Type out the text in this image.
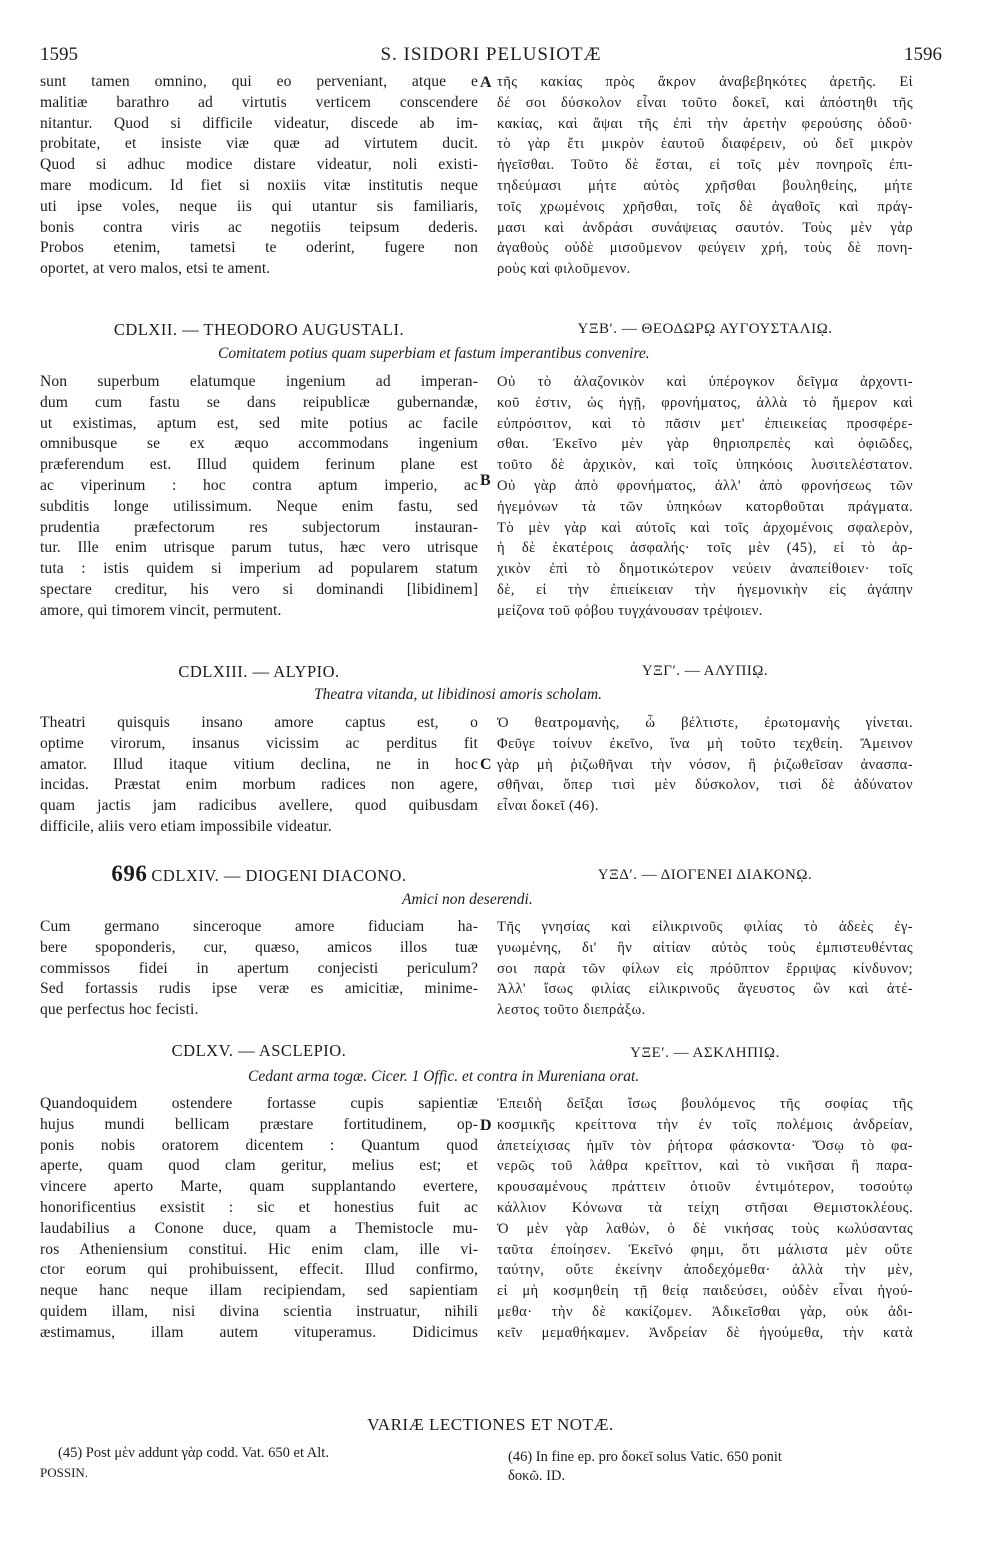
1595	S. ISIDORI PELUSIOTÆ	1596
sunt tamen omnino, qui eo perveniant, atque e
malitiæ barathro ad virtutis verticem conscendere
nitantur. Quod si difficile videatur, discede ab im-
probitate, et insiste viæ quæ ad virtutem ducit.
Quod si adhuc modice distare videatur, noli existi-
mare modicum. Id fiet si noxiis vitæ institutis neque
uti ipse voles, neque iis qui utantur sis familiaris,
bonis contra viris ac negotiis teipsum dederis.
Probos etenim, tametsi te oderint, fugere non
oportet, at vero malos, etsi te ament.
A τῆς κακίας πρὸς ἄκρον ἀναβεβηκότες ἀρετῆς. Εἰ
δέ σοι δύσκολον εἶναι τοῦτο δοκεῖ, καὶ ἀπόστηθι τῆς
κακίας, καὶ ἅψαι τῆς ἐπὶ τὴν ἀρετὴν φερούσης ὁδοῦ·
τὸ γὰρ ἔτι μικρὸν ἑαυτοῦ διαφέρειν, οὐ δεῖ μικρὸν
ἡγεῖσθαι. Τοῦτο δὲ ἔσται, εἰ τοῖς μὲν πονηροῖς ἐπι-
τηδεύμασι μήτε αὐτὸς χρῆσθαι βουληθείης, μήτε
τοῖς χρωμένοις χρῆσθαι, τοῖς δὲ ἀγαθοῖς καὶ πράγ-
μασι καὶ ἀνδράσι συνάψειας σαυτόν. Τοὺς μὲν γὰρ
ἀγαθοὺς οὐδὲ μισοῦμενον φεύγειν χρή, τοὺς δὲ πονη-
ροὺς καὶ φιλοῦμενον.
CDLXII. — THEODORO AUGUSTALI.	ΥΞΒʹ. — ΘΕΟΔΩΡῼ ΑΥΓΟΥΣΤΑΛΙῼ.
Comitatem potius quam superbiam et fastum imperantibus convenire.
Non superbum elatumque ingenium ad imperan-
dum cum fastu se dans reipublicæ gubernandæ,
ut existimas, aptum est, sed mite potius ac facile
omnibusque se ex æquo accommodans ingenium
præferendum est. Illud quidem ferinum plane est
ac viperinum : hoc contra aptum imperio, ac
subditis longe utilissimum. Neque enim fastu, sed
prudentia præfectorum res subjectorum instauran-
tur. Ille enim utrisque parum tutus, hæc vero utrisque
tuta : istis quidem si imperium ad popularem statum
spectare creditur, his vero si dominandi [libidinem]
amore, qui timorem vincit, permutent.
B
Οὐ τὸ ἀλαζονικὸν καὶ ὑπέρογκον δεῖγμα ἀρχοντι-
κοῦ ἐστιν, ὡς ἡγῇ, φρονήματος, ἀλλὰ τὸ ἥμερον καὶ
εὐπρόσιτον, καὶ τὸ πᾶσιν μετ' ἐπιεικείας προσφέρε-
σθαι. Ἐκεῖνο μὲν γὰρ θηριοπρεπὲς καὶ ὀφιῶδες,
τοῦτο δὲ ἀρχικὸν, καὶ τοῖς ὑπηκόοις λυσιτελέστατον.
Οὐ γὰρ ἀπὸ φρονήματος, ἀλλ' ἀπὸ φρονήσεως τῶν
ἡγεμόνων τὰ τῶν ὑπηκόων κατορθοῦται πράγματα.
Τὸ μὲν γὰρ καὶ αὐτοῖς καὶ τοῖς ἀρχομένοις σφαλερὸν,
ἡ δὲ ἑκατέροις ἀσφαλής· τοῖς μὲν (45), εἰ τὸ ἀρ-
χικὸν ἐπὶ τὸ δημοτικώτερον νεύειν ἀναπείθοιεν· τοῖς
δὲ, εἰ τὴν ἐπιείκειαν τὴν ἡγεμονικὴν εἰς ἀγάπην
μείζονα τοῦ φόβου τυγχάνουσαν τρέψοιεν.
CDLXIII. — ALYPIO.	ΥΞΓʹ. — ΑΛΥΠΙῼ.
Theatra vitanda, ut libidinosi amoris scholam.
Theatri quisquis insano amore captus est, o
optime virorum, insanus vicissim ac perditus fit
amator. Illud itaque vitium declina, ne in hoc
incidas. Præstat enim morbum radices non agere,
quam jactis jam radicibus avellere, quod quibusdam
difficile, aliis vero etiam impossibile videatur.
C
Ὁ θεατρομανὴς, ὦ βέλτιστε, ἐρωτομανὴς γίνεται.
Φεῦγε τοίνυν ἐκεῖνο, ἵνα μὴ τοῦτο τεχθείη. Ἄμεινον
γὰρ μὴ ῥιζωθῆναι τὴν νόσον, ἢ ῥιζωθεῖσαν ἀνασπα-
σθῆναι, ὅπερ τισὶ μὲν δύσκολον, τισὶ δὲ ἀδύνατον
εἶναι δοκεῖ (46).
696 CDLXIV. — DIOGENI DIACONO.	ΥΞΔʹ. — ΔΙΟΓΕΝΕΙ ΔΙΑΚΟΝῼ.
Amici non deserendi.
Cum germano sinceroque amore fiduciam ha-
bere spoponderis, cur, quæso, amicos illos tuæ
commissos fidei in apertum conjecisti periculum?
Sed fortassis rudis ipse veræ es amicitiæ, minime-
que perfectus hoc fecisti.
Τῆς γνησίας καὶ εἰλικρινοῦς φιλίας τὸ ἀδεὲς ἐγ-
γυωμένης, δι' ἣν αἰτίαν αὐτὸς τοὺς ἐμπιστευθέντας
σοι παρὰ τῶν φίλων εἰς πρόῦπτον ἔρριψας κίνδυνον;
Ἀλλ' ἴσως φιλίας εἰλικρινοῦς ἄγευστος ὢν καὶ ἀτέ-
λεστος τοῦτο διεπράξω.
CDLXV. — ASCLEPIO.	ΥΞΕʹ. — ΑΣΚΛΗΠΙῼ.
Cedant arma togæ. Cicer. 1 Offic. et contra in Mureniana orat.
Quandoquidem ostendere fortasse cupis sapientiæ
hujus mundi bellicam præstare fortitudinem, op-
ponis nobis oratorem dicentem : Quantum quod
aperte, quam quod clam geritur, melius est; et
vincere aperto Marte, quam supplantando evertere,
honorificentius exsistit : sic et honestius fuit ac
laudabilius a Conone duce, quam a Themistocle mu-
ros Atheniensium constitui. Hic enim clam, ille vi-
ctor eorum qui prohibuissent, effecit. Illud confirmo,
neque hanc neque illam recipiendam, sed sapientiam
quidem illam, nisi divina scientia instruatur, nihili
æstimamus, illam autem vituperamus. Didicimus
D
Ἐπειδὴ δεῖξαι ἴσως βουλόμενος τῆς σοφίας τῆς
κοσμικῆς κρείττονα τὴν ἐν τοῖς πολέμοις ἀνδρείαν,
ἀπετείχισας ἡμῖν τὸν ῥήτορα φάσκοντα· Ὅσῳ τὸ φα-
νερῶς τοῦ λάθρα κρεῖττον, καὶ τὸ νικῆσαι ἢ παρα-
κρουσαμένους πράττειν ὁτιοῦν ἐντιμότερον, τοσούτῳ
κάλλιον Κόνωνα τὰ τείχη στῆσαι Θεμιστοκλέους.
Ὁ μὲν γὰρ λαθὼν, ὁ δὲ νικήσας τοὺς κωλύσαντας
ταῦτα ἐποίησεν. Ἐκεῖνό φημι, ὅτι μάλιστα μὲν οὔτε
ταύτην, οὔτε ἐκείνην ἀποδεχόμεθα· ἀλλὰ τὴν μὲν,
εἰ μὴ κοσμηθείη τῇ θείᾳ παιδεύσει, οὐδὲν εἶναι ἡγού-
μεθα· τὴν δὲ κακίζομεν. Ἀδικεῖσθαι γὰρ, οὐκ ἀδι-
κεῖν μεμαθήκαμεν. Ἀνδρείαν δὲ ἡγούμεθα, τὴν κατὰ
VARIÆ LECTIONES ET NOTÆ.
(45) Post μὲν addunt γὰρ codd. Vat. 650 et Alt.
POSSIN.
(46) In fine ep. pro δοκεῖ solus Vatic. 650 ponit
δοκῶ. ID.
